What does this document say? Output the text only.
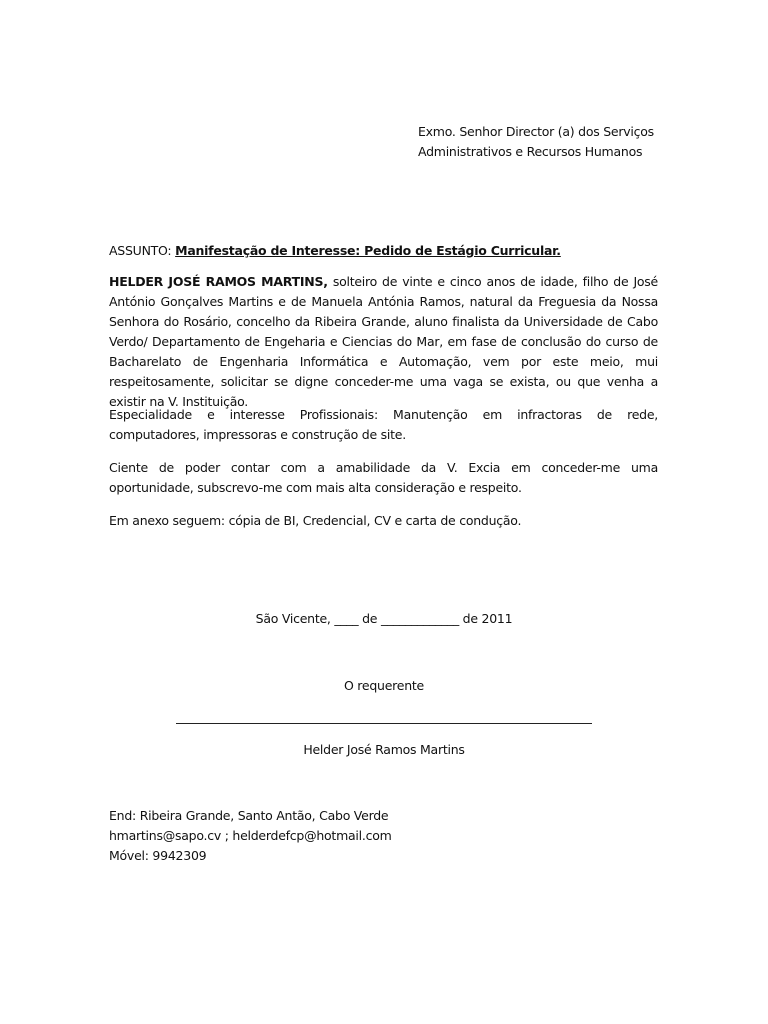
Exmo. Senhor Director (a) dos Serviços
Administrativos e Recursos Humanos
ASSUNTO: Manifestação de Interesse: Pedido de Estágio Curricular.
HELDER JOSÉ RAMOS MARTINS, solteiro de vinte e cinco anos de idade, filho de José António Gonçalves Martins e de Manuela Antónia Ramos, natural da Freguesia da Nossa Senhora do Rosário, concelho da Ribeira Grande, aluno finalista da Universidade de Cabo Verdo/ Departamento de Engeharia e Ciencias do Mar, em fase de conclusão do curso de Bacharelato de Engenharia Informática e Automação, vem por este meio, mui respeitosamente, solicitar se digne conceder-me uma vaga se exista, ou que venha a existir na V. Instituição.
Especialidade e interesse Profissionais: Manutenção em infractoras de rede, computadores, impressoras e construção de site.
Ciente de poder contar com a amabilidade da V. Excia em conceder-me uma oportunidade, subscrevo-me com mais alta consideração e respeito.
Em anexo seguem: cópia de BI, Credencial, CV e carta de condução.
São Vicente, ____ de _____________ de 2011
O requerente
Helder José Ramos Martins
End: Ribeira Grande, Santo Antão, Cabo Verde
hmartins@sapo.cv ; helderdefcp@hotmail.com
Móvel: 9942309
